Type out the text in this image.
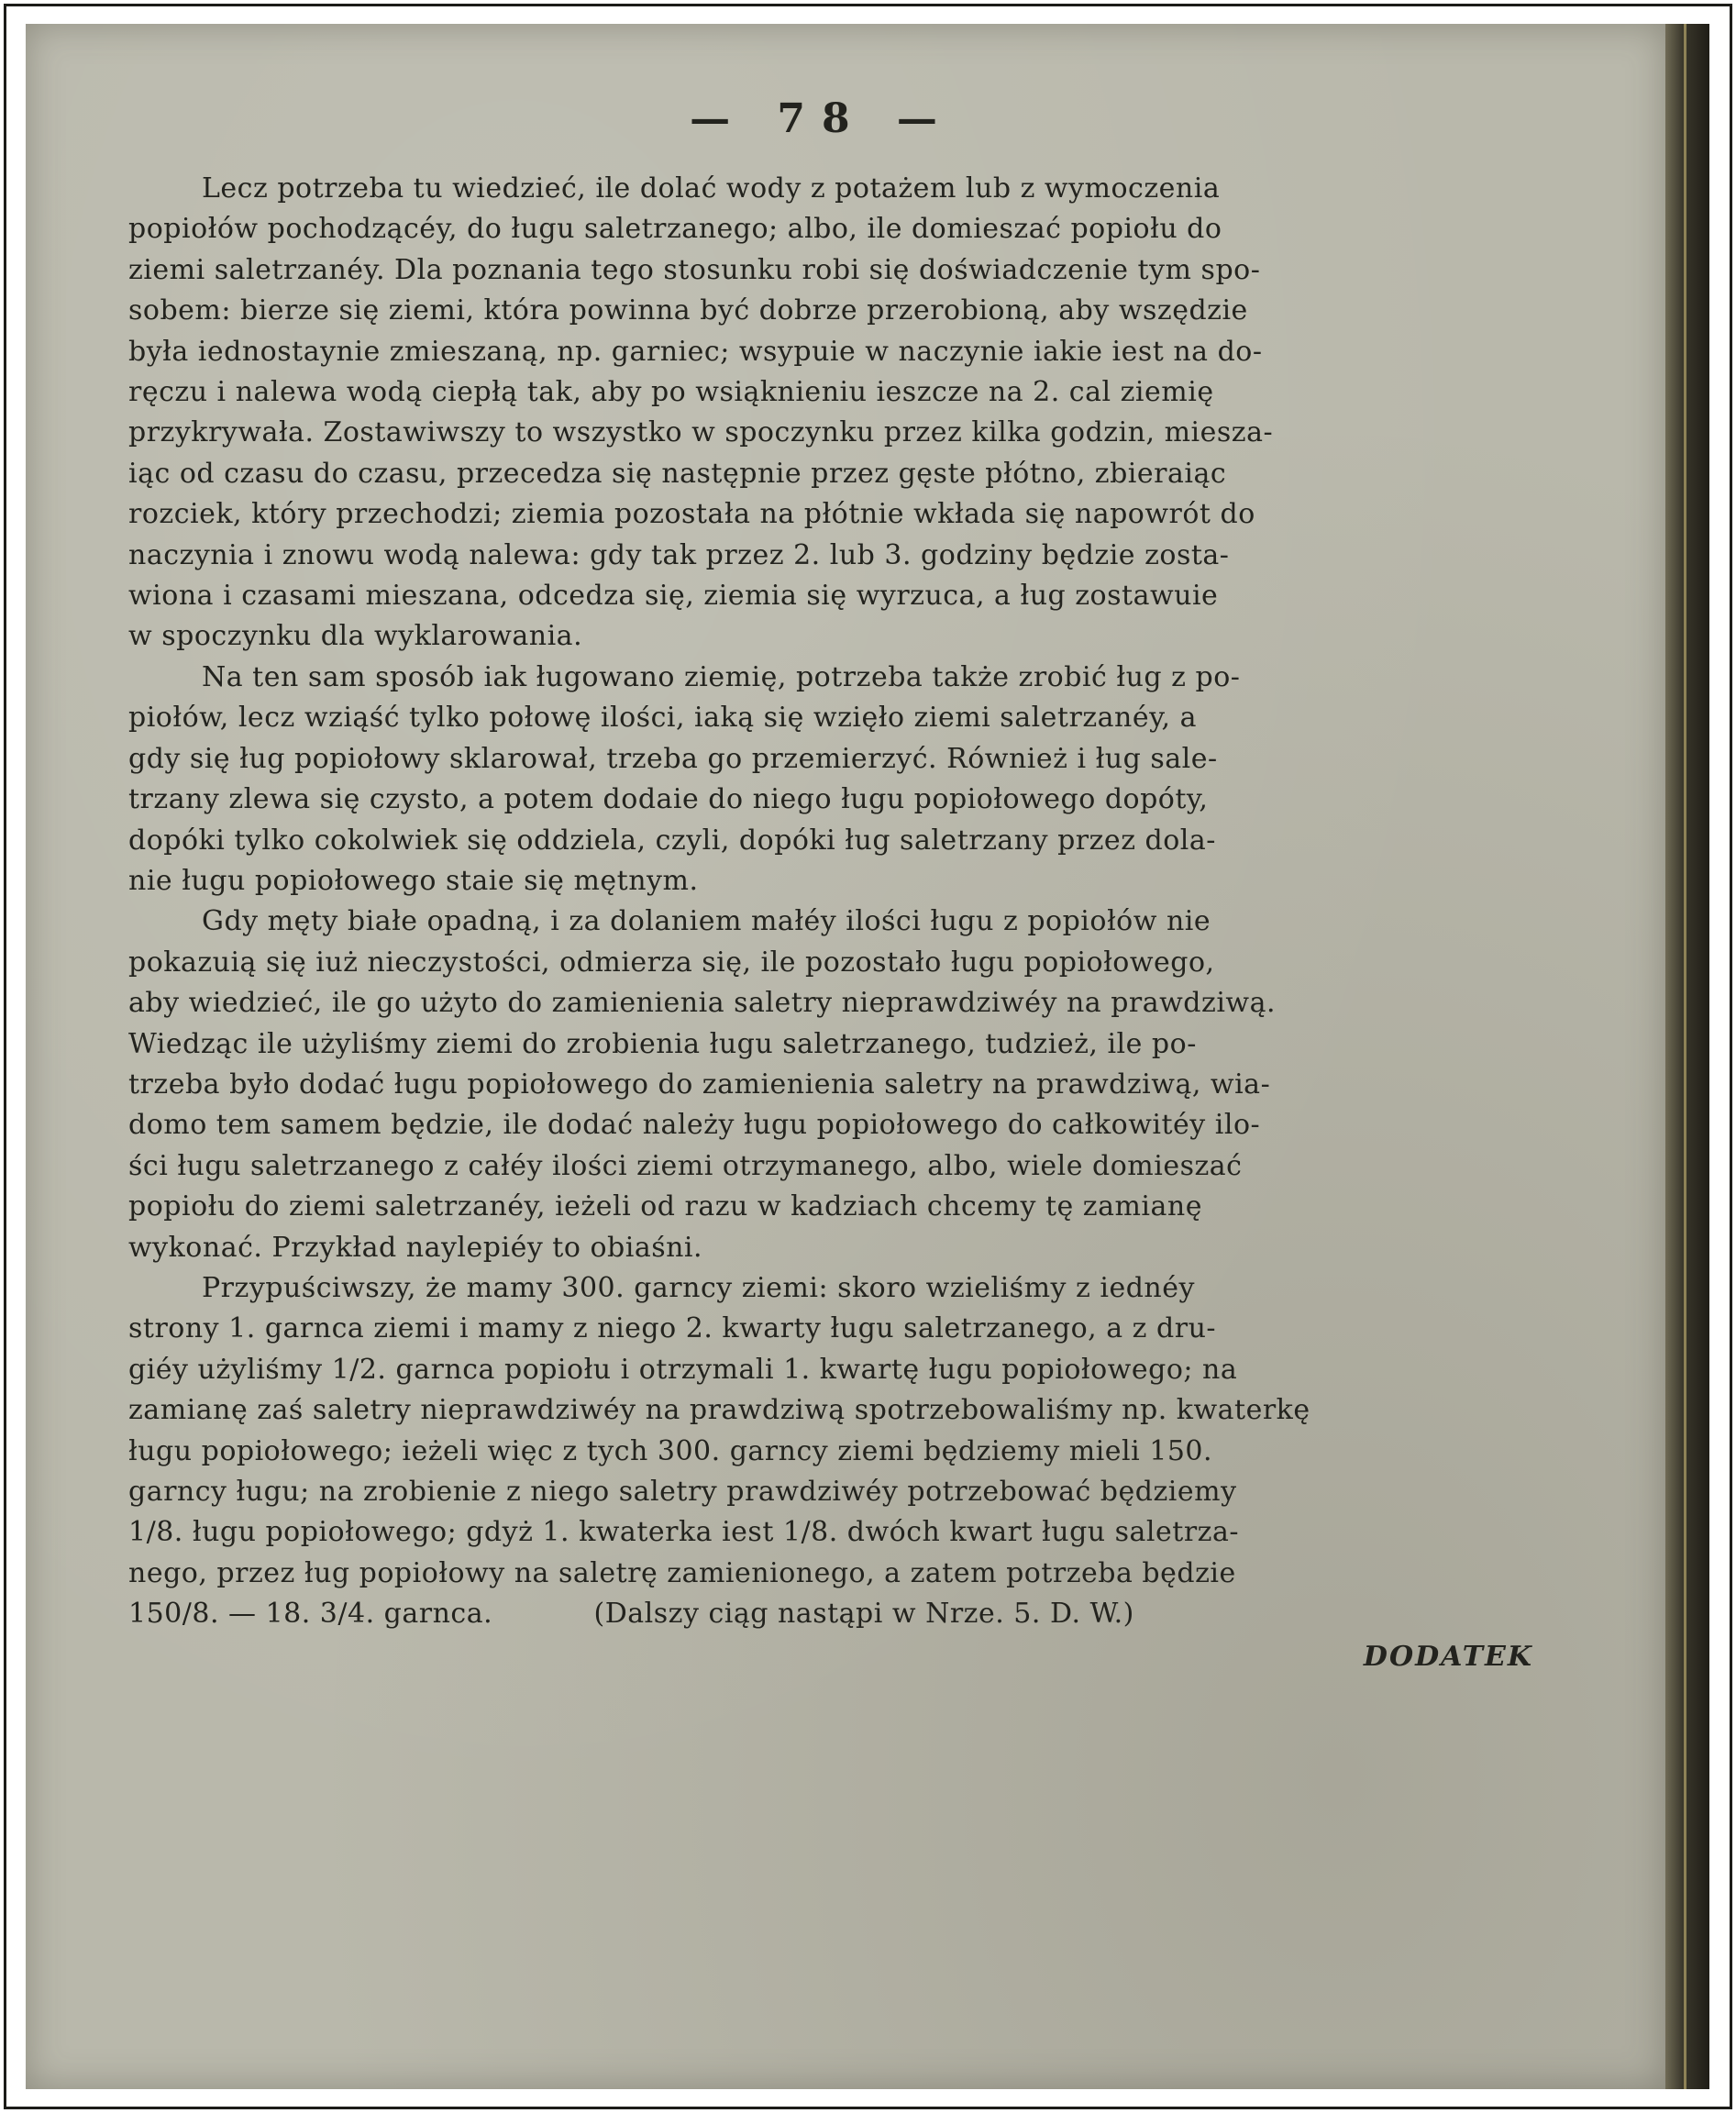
— 78 —

Lecz potrzeba tu wiedzieć, ile dolać wody z potażem lub z wymoczenia
popiołów pochodzącéy, do ługu saletrzanego; albo, ile domieszać popiołu do
ziemi saletrzanéy. Dla poznania tego stosunku robi się doświadczenie tym spo-
sobem: bierze się ziemi, która powinna być dobrze przerobioną, aby wszędzie
była iednostaynie zmieszaną, np. garniec; wsypuie w naczynie iakie iest na do-
ręczu i nalewa wodą ciepłą tak, aby po wsiąknieniu ieszcze na 2. cal ziemię
przykrywała. Zostawiwszy to wszystko w spoczynku przez kilka godzin, miesza-
iąc od czasu do czasu, przecedza się następnie przez gęste płótno, zbieraiąc
rozciek, który przechodzi; ziemia pozostała na płótnie wkłada się napowrót do
naczynia i znowu wodą nalewa: gdy tak przez 2. lub 3. godziny będzie zosta-
wiona i czasami mieszana, odcedza się, ziemia się wyrzuca, a ług zostawuie
w spoczynku dla wyklarowania.

Na ten sam sposób iak ługowano ziemię, potrzeba także zrobić ług z po-
piołów, lecz wziąść tylko połowę ilości, iaką się wzięło ziemi saletrzanéy, a
gdy się ług popiołowy sklarował, trzeba go przemierzyć. Również i ług sale-
trzany zlewa się czysto, a potem dodaie do niego ługu popiołowego dopóty,
dopóki tylko cokolwiek się oddziela, czyli, dopóki ług saletrzany przez dola-
nie ługu popiołowego staie się mętnym.

Gdy męty białe opadną, i za dolaniem małéy ilości ługu z popiołów nie
pokazuią się iuż nieczystości, odmierza się, ile pozostało ługu popiołowego,
aby wiedzieć, ile go użyto do zamienienia saletry nieprawdziwéy na prawdziwą.
Wiedząc ile użyliśmy ziemi do zrobienia ługu saletrzanego, tudzież, ile po-
trzeba było dodać ługu popiołowego do zamienienia saletry na prawdziwą, wia-
domo tem samem będzie, ile dodać należy ługu popiołowego do całkowitéy ilo-
ści ługu saletrzanego z całéy ilości ziemi otrzymanego, albo, wiele domieszać
popiołu do ziemi saletrzanéy, ieżeli od razu w kadziach chcemy tę zamianę
wykonać. Przykład naylepiéy to obiaśni.

Przypuściwszy, że mamy 300. garncy ziemi: skoro wzieliśmy z iednéy
strony 1. garnca ziemi i mamy z niego 2. kwarty ługu saletrzanego, a z dru-
giéy użyliśmy 1/2. garnca popiołu i otrzymali 1. kwartę ługu popiołowego; na
zamianę zaś saletry nieprawdziwéy na prawdziwą spotrzebowaliśmy np. kwaterkę
ługu popiołowego; ieżeli więc z tych 300. garncy ziemi będziemy mieli 150.
garncy ługu; na zrobienie z niego saletry prawdziwéy potrzebować będziemy
1/8. ługu popiołowego; gdyż 1. kwaterka iest 1/8. dwóch kwart ługu saletrza-
nego, przez ług popiołowy na saletrę zamienionego, a zatem potrzeba będzie
150/8. — 18. 3/4. garnca.           (Dalszy ciąg nastąpi w Nrze. 5. D. W.)

DODATEK
